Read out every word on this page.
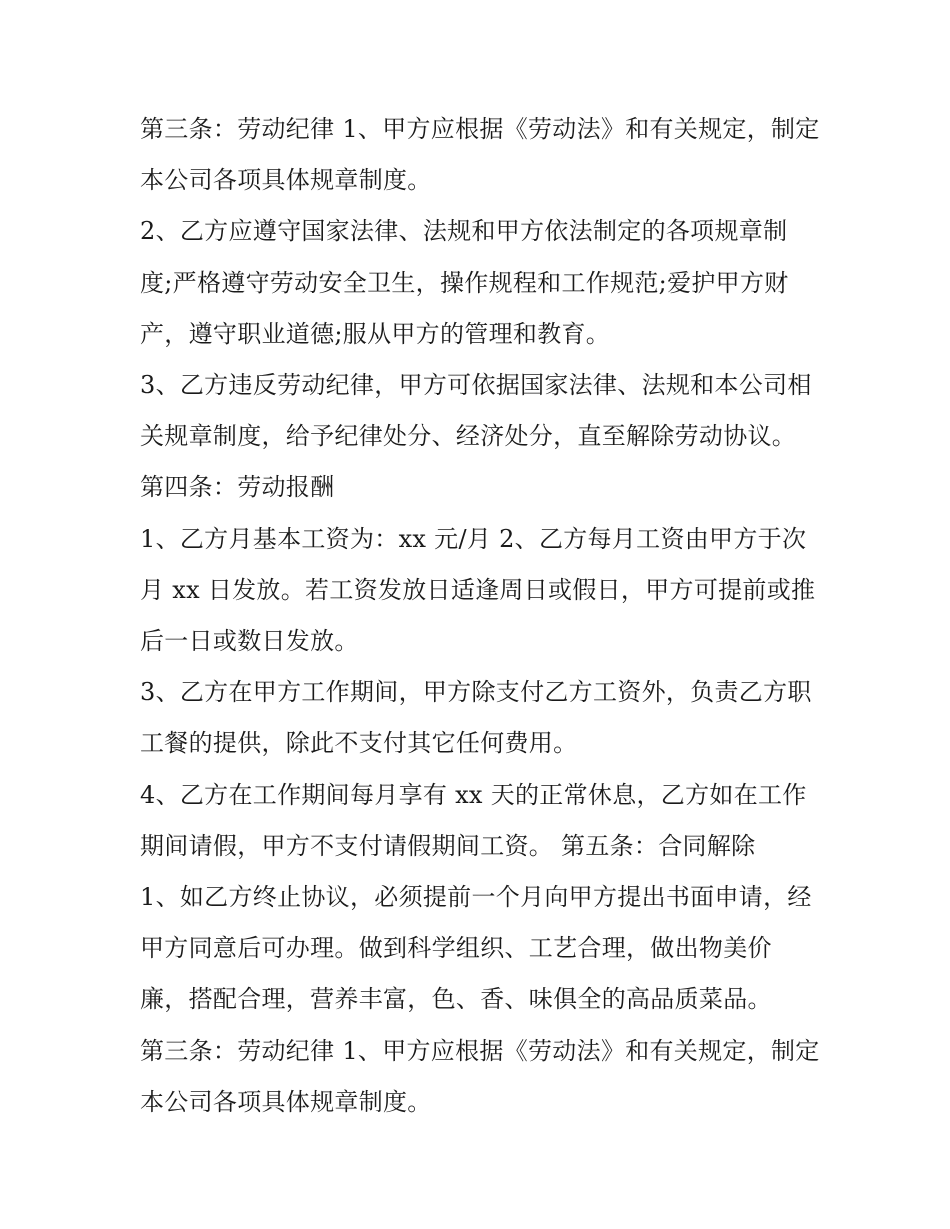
第三条：劳动纪律 1、甲方应根据《劳动法》和有关规定，制定本公司各项具体规章制度。

2、乙方应遵守国家法律、法规和甲方依法制定的各项规章制度;严格遵守劳动安全卫生，操作规程和工作规范;爱护甲方财产，遵守职业道德;服从甲方的管理和教育。

3、乙方违反劳动纪律，甲方可依据国家法律、法规和本公司相关规章制度，给予纪律处分、经济处分，直至解除劳动协议。 第四条：劳动报酬

1、乙方月基本工资为：xx 元/月 2、乙方每月工资由甲方于次月 xx 日发放。若工资发放日适逢周日或假日，甲方可提前或推后一日或数日发放。

3、乙方在甲方工作期间，甲方除支付乙方工资外，负责乙方职工餐的提供，除此不支付其它任何费用。

4、乙方在工作期间每月享有 xx 天的正常休息，乙方如在工作期间请假，甲方不支付请假期间工资。 第五条：合同解除

1、如乙方终止协议，必须提前一个月向甲方提出书面申请，经甲方同意后可办理。做到科学组织、工艺合理，做出物美价廉，搭配合理，营养丰富，色、香、味俱全的高品质菜品。

第三条：劳动纪律 1、甲方应根据《劳动法》和有关规定，制定本公司各项具体规章制度。
